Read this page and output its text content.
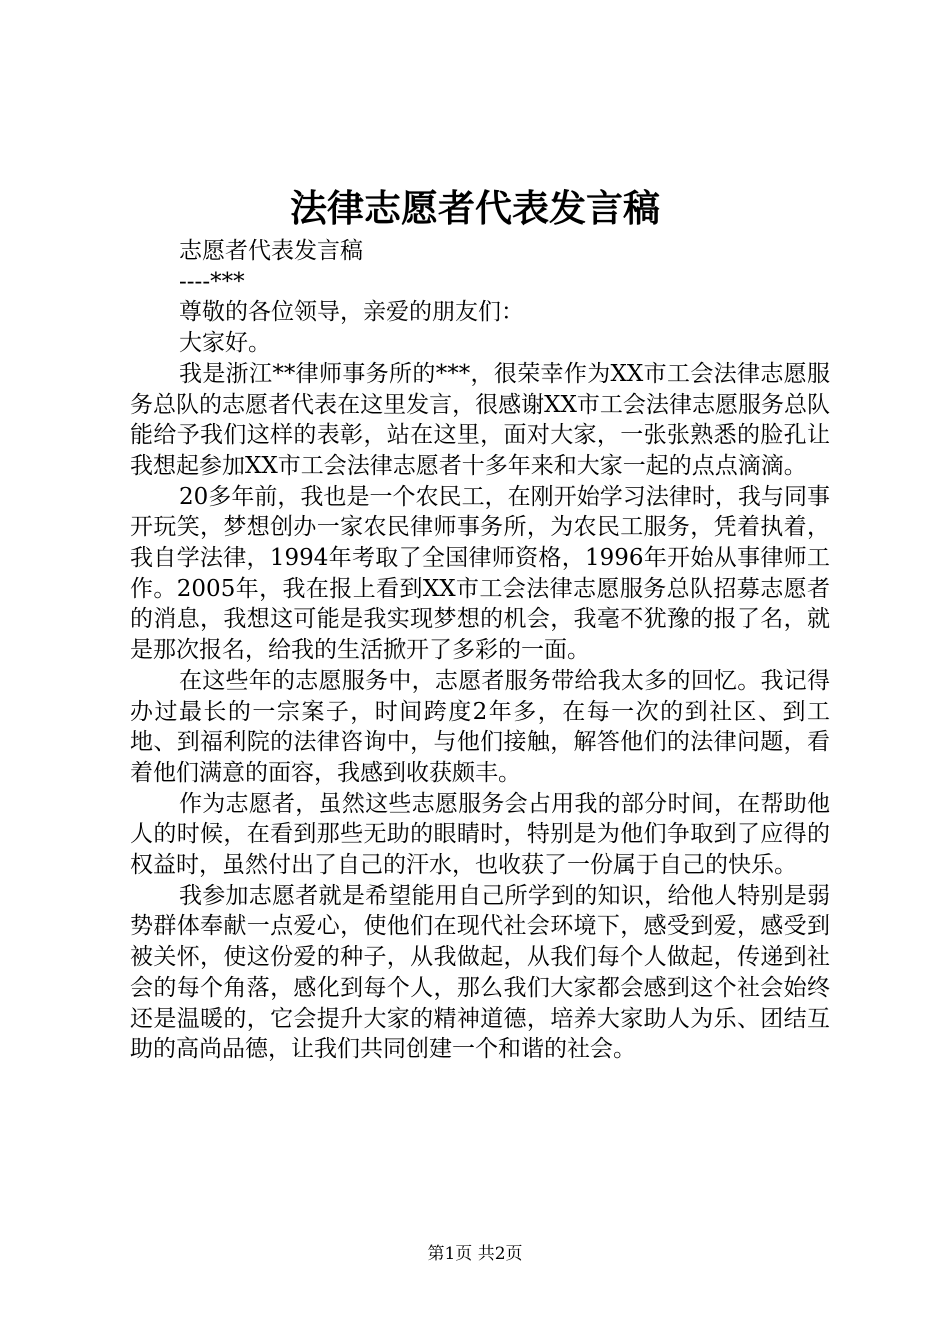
法律志愿者代表发言稿
志愿者代表发言稿
----***
尊敬的各位领导，亲爱的朋友们：
大家好。

我是浙江**律师事务所的***，很荣幸作为XX市工会法律志愿服务总队的志愿者代表在这里发言，很感谢XX市工会法律志愿服务总队能给予我们这样的表彰，站在这里，面对大家，一张张熟悉的脸孔让我想起参加XX市工会法律志愿者十多年来和大家一起的点点滴滴。

20多年前，我也是一个农民工，在刚开始学习法律时，我与同事开玩笑，梦想创办一家农民律师事务所，为农民工服务，凭着执着，我自学法律，1994年考取了全国律师资格，1996年开始从事律师工作。2005年，我在报上看到XX市工会法律志愿服务总队招募志愿者的消息，我想这可能是我实现梦想的机会，我毫不犹豫的报了名，就是那次报名，给我的生活掀开了多彩的一面。

在这些年的志愿服务中，志愿者服务带给我太多的回忆。我记得办过最长的一宗案子，时间跨度2年多，在每一次的到社区、到工地、到福利院的法律咨询中，与他们接触，解答他们的法律问题，看着他们满意的面容，我感到收获颇丰。

作为志愿者，虽然这些志愿服务会占用我的部分时间，在帮助他人的时候，在看到那些无助的眼睛时，特别是为他们争取到了应得的权益时，虽然付出了自己的汗水，也收获了一份属于自己的快乐。

我参加志愿者就是希望能用自己所学到的知识，给他人特别是弱势群体奉献一点爱心，使他们在现代社会环境下，感受到爱，感受到被关怀，使这份爱的种子，从我做起，从我们每个人做起，传递到社会的每个角落，感化到每个人，那么我们大家都会感到这个社会始终还是温暖的，它会提升大家的精神道德，培养大家助人为乐、团结互助的高尚品德，让我们共同创建一个和谐的社会。

第1页 共2页
